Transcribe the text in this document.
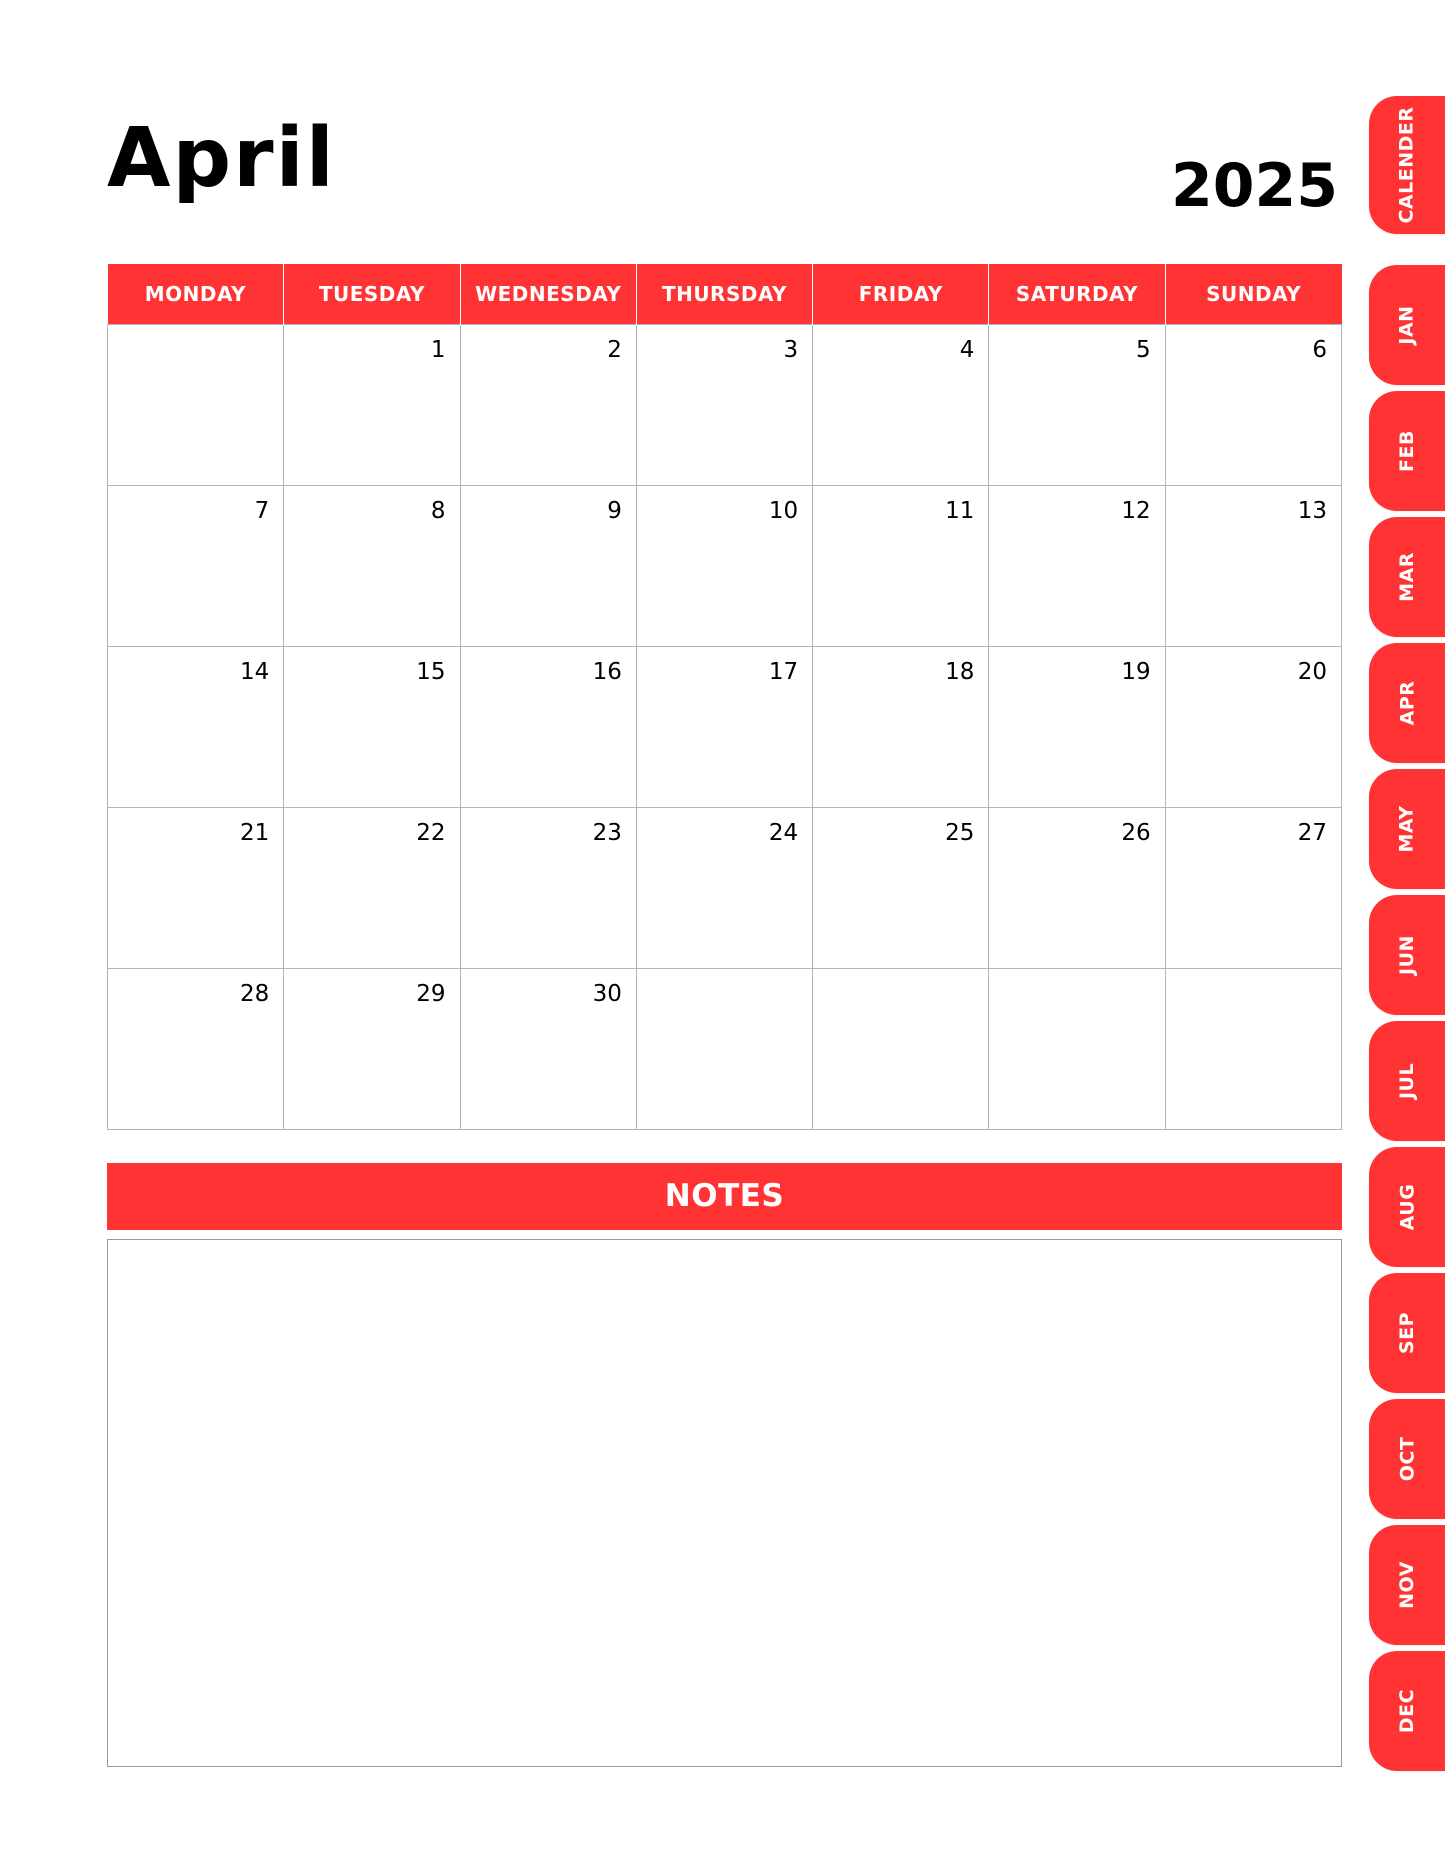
April	2025
MONDAY	TUESDAY	WEDNESDAY	THURSDAY	FRIDAY	SATURDAY	SUNDAY
	1	2	3	4	5	6
7	8	9	10	11	12	13
14	15	16	17	18	19	20
21	22	23	24	25	26	27
28	29	30				
NOTES
CALENDER
JAN
FEB
MAR
APR
MAY
JUN
JUL
AUG
SEP
OCT
NOV
DEC
